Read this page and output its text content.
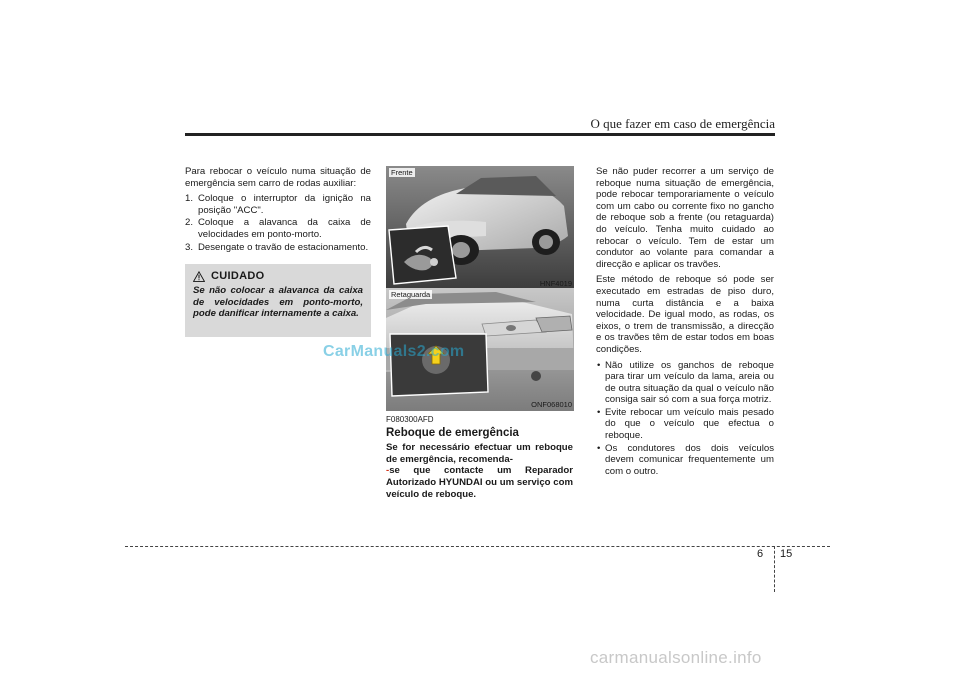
O que fazer em caso de emergência

Para rebocar o veículo numa situação de emergência sem carro de rodas auxiliar:

1. Coloque o interruptor da ignição na posição "ACC".
2. Coloque a alavanca da caixa de velocidades em ponto-morto.
3. Desengate o travão de estacionamento.
CUIDADO
Se não colocar a alavanca da caixa de velocidades em ponto-morto, pode danificar internamente a caixa.
Frente
HNF4019
Retaguarda
ONF068010
F080300AFD
Reboque de emergência

Se for necessário efectuar um reboque de emergência, recomenda-
-se que contacte um Reparador Autorizado HYUNDAI ou um serviço com veículo de reboque.

Se não puder recorrer a um serviço de reboque numa situação de emergência, pode rebocar temporariamente o veículo com um cabo ou corrente fixo no gancho de reboque sob a frente (ou retaguarda) do veículo. Tenha muito cuidado ao rebocar o veículo. Tem de estar um condutor ao volante para comandar a direcção e aplicar os travões.

Este método de reboque só pode ser executado em estradas de piso duro, numa curta distância e a baixa velocidade. De igual modo, as rodas, os eixos, o trem de transmissão, a direcção e os travões têm de estar todos em boas condições.

• Não utilize os ganchos de reboque para tirar um veículo da lama, areia ou de outra situação da qual o veículo não consiga sair só com a sua força motriz.
• Evite rebocar um veículo mais pesado do que o veículo que efectua o reboque.
• Os condutores dos dois veículos devem comunicar frequentemente um com o outro.
CarManuals2.com
6 15
carmanualsonline.info
